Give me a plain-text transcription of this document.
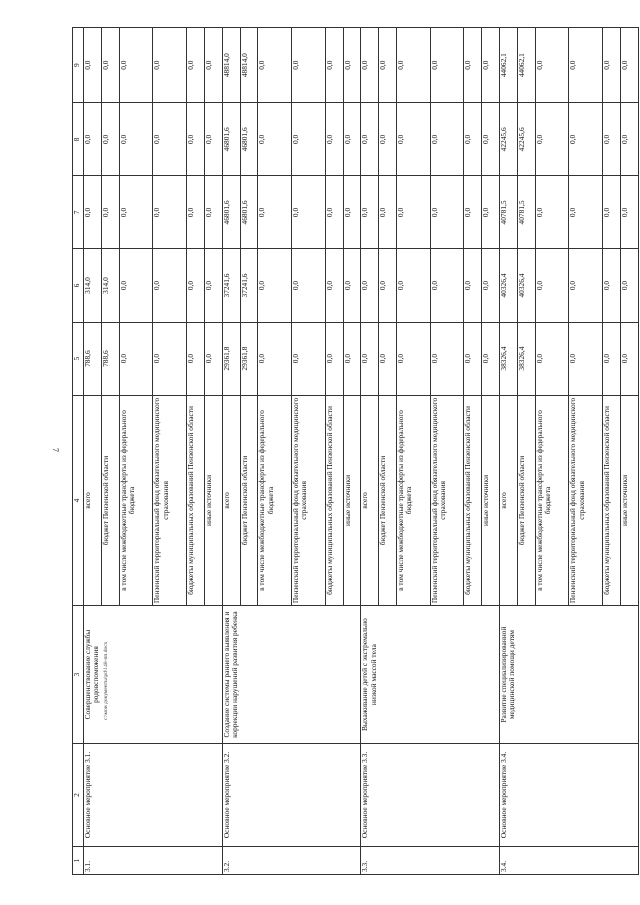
7
c:\мои документы\pd\148-пп.docx
1	2	3	4	5	6	7	8	9
3.1.	Основное мероприятие 3.1.	Совершенствование службы родовспоможения	всего	788,6	314,0	0,0	0,0	0,0
			бюджет Пензенской области	788,6	314,0	0,0	0,0	0,0
			в том числе межбюджетные трансферты из федерального бюджета	0,0	0,0	0,0	0,0	0,0
			Пензенский территориальный фонд обязательного медицинского страхования	0,0	0,0	0,0	0,0	0,0
			бюджеты муниципальных образований Пензенской области	0,0	0,0	0,0	0,0	0,0
			иные источники	0,0	0,0	0,0	0,0	0,0
3.2.	Основное мероприятие 3.2.	Создание системы раннего выявления и коррекции нарушений развития ребенка	всего	29361,8	37241,6	46801,6	46801,6	48814,0
			бюджет Пензенской области	29361,8	37241,6	46801,6	46801,6	48814,0
			в том числе межбюджетные трансферты из федерального бюджета	0,0	0,0	0,0	0,0	0,0
			Пензенский территориальный фонд обязательного медицинского страхования	0,0	0,0	0,0	0,0	0,0
			бюджеты муниципальных образований Пензенской области	0,0	0,0	0,0	0,0	0,0
			иные источники	0,0	0,0	0,0	0,0	0,0
3.3.	Основное мероприятие 3.3.	Выхаживание детей с экстремально низкой массой тела	всего	0,0	0,0	0,0	0,0	0,0
			бюджет Пензенской области	0,0	0,0	0,0	0,0	0,0
			в том числе межбюджетные трансферты из федерального бюджета	0,0	0,0	0,0	0,0	0,0
			Пензенский территориальный фонд обязательного медицинского страхования	0,0	0,0	0,0	0,0	0,0
			бюджеты муниципальных образований Пензенской области	0,0	0,0	0,0	0,0	0,0
			иные источники	0,0	0,0	0,0	0,0	0,0
3.4.	Основное мероприятие 3.4.	Развитие специализированной медицинской помощи детям	всего	38326,4	40326,4	40781,5	42245,6	44062,1
			бюджет Пензенской области	38326,4	40326,4	40781,5	42245,6	44062,1
			в том числе межбюджетные трансферты из федерального бюджета	0,0	0,0	0,0	0,0	0,0
			Пензенский территориальный фонд обязательного медицинского страхования	0,0	0,0	0,0	0,0	0,0
			бюджеты муниципальных образований Пензенской области	0,0	0,0	0,0	0,0	0,0
			иные источники	0,0	0,0	0,0	0,0	0,0
